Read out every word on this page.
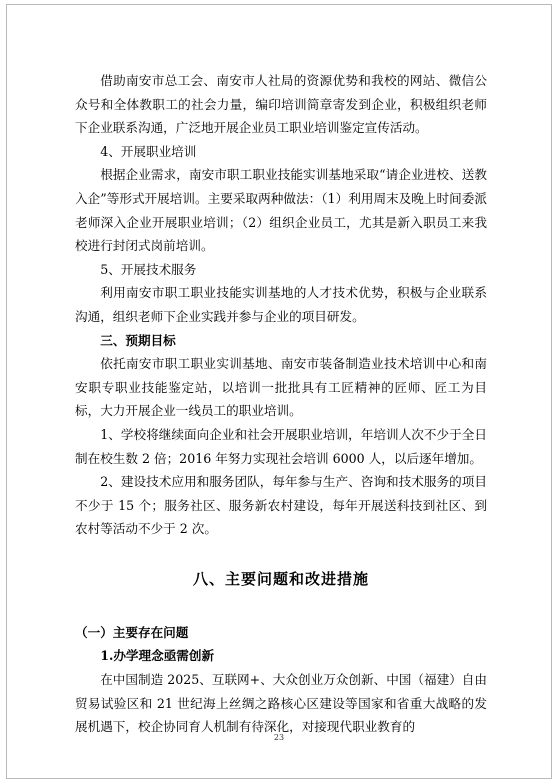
借助南安市总工会、南安市人社局的资源优势和我校的网站、微信公众号和全体教职工的社会力量，编印培训简章寄发到企业，积极组织老师下企业联系沟通，广泛地开展企业员工职业培训鉴定宣传活动。

4、开展职业培训

根据企业需求，南安市职工职业技能实训基地采取“请企业进校、送教入企”等形式开展培训。主要采取两种做法：（1）利用周末及晚上时间委派老师深入企业开展职业培训；（2）组织企业员工，尤其是新入职员工来我校进行封闭式岗前培训。

5、开展技术服务

利用南安市职工职业技能实训基地的人才技术优势，积极与企业联系沟通，组织老师下企业实践并参与企业的项目研发。

三、预期目标

依托南安市职工职业实训基地、南安市装备制造业技术培训中心和南安职专职业技能鉴定站，以培训一批批具有工匠精神的匠师、匠工为目标，大力开展企业一线员工的职业培训。

1、学校将继续面向企业和社会开展职业培训，年培训人次不少于全日制在校生数 2 倍；2016 年努力实现社会培训 6000 人，以后逐年增加。

2、建设技术应用和服务团队，每年参与生产、咨询和技术服务的项目不少于 15 个；服务社区、服务新农村建设，每年开展送科技到社区、到农村等活动不少于 2 次。

八、主要问题和改进措施

（一）主要存在问题

1.办学理念亟需创新

在中国制造 2025、互联网+、大众创业万众创新、中国（福建）自由贸易试验区和 21 世纪海上丝绸之路核心区建设等国家和省重大战略的发展机遇下，校企协同育人机制有待深化，对接现代职业教育的

23
